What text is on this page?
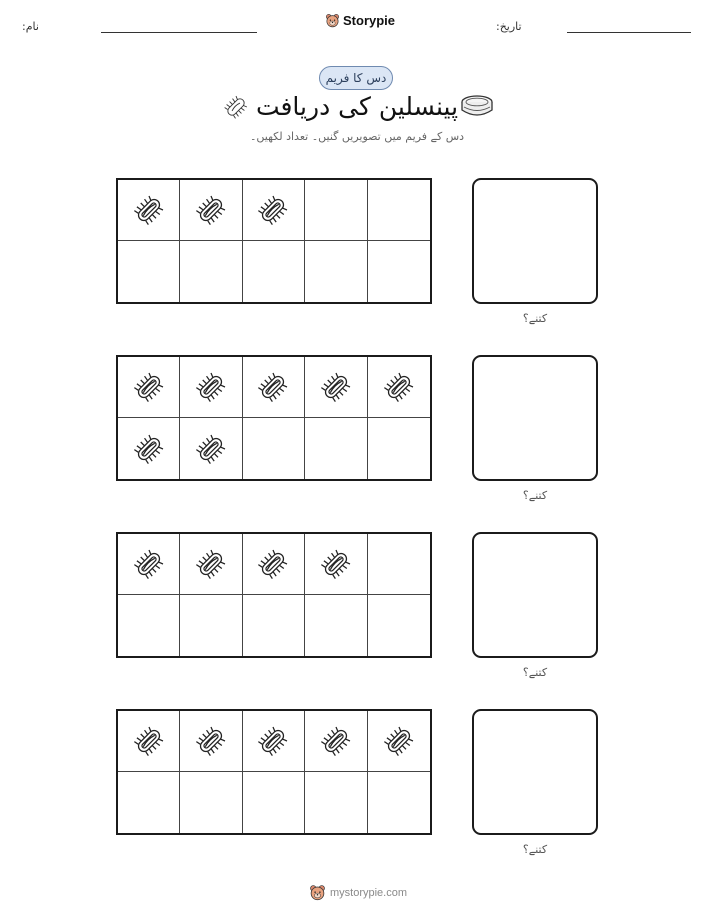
نام:	Storypie	تاریخ:
دس کا فریم
پینسلین کی دریافت
دس کے فریم میں تصویریں گنیں۔ تعداد لکھیں۔
کتنے؟
کتنے؟
کتنے؟
کتنے؟
mystorypie.com
